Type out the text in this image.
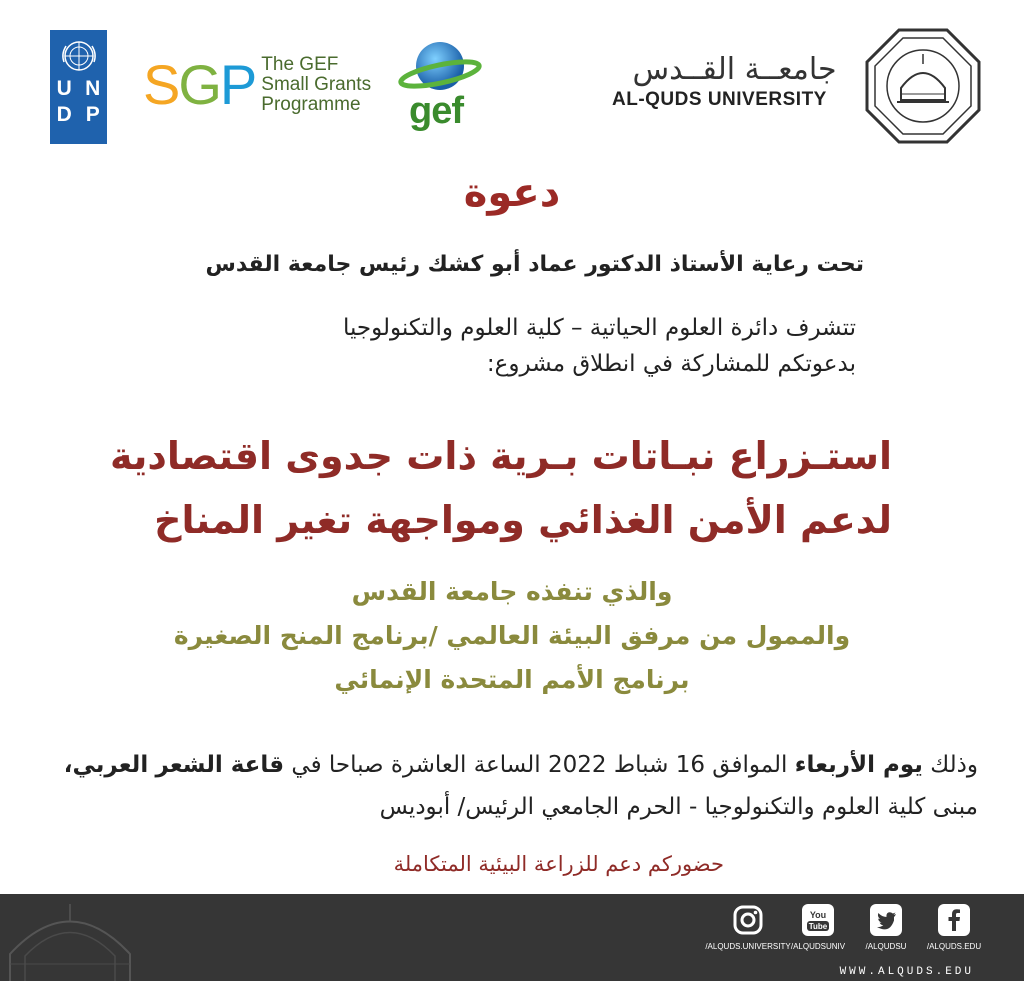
U N
D P SGP The GEF
Small Grants
Programme gef
جامعــة القــدس
AL-QUDS UNIVERSITY
دعوة
تحت رعاية الأستاذ الدكتور عماد أبو كشك رئيس جامعة القدس
تتشرف دائرة العلوم الحياتية – كلية العلوم والتكنولوجيا
بدعوتكم للمشاركة في انطلاق مشروع:
استـزراع نبـاتات بـرية ذات جدوى اقتصادية
لدعم الأمن الغذائي ومواجهة تغير المناخ
والذي تنفذه جامعة القدس
والممول من مرفق البيئة العالمي /برنامج المنح الصغيرة
برنامج الأمم المتحدة الإنمائي
وذلك يوم الأربعاء الموافق 16 شباط 2022 الساعة العاشرة صباحا في قاعة الشعر العربي، مبنى كلية العلوم والتكنولوجيا - الحرم الجامعي الرئيس/ أبوديس
حضوركم دعم للزراعة البيئية المتكاملة
/ALQUDS.EDU
/ALQUDSU
You
Tube
/ALQUDSUNIV
/ALQUDS.UNIVERSITY
WWW.ALQUDS.EDU
